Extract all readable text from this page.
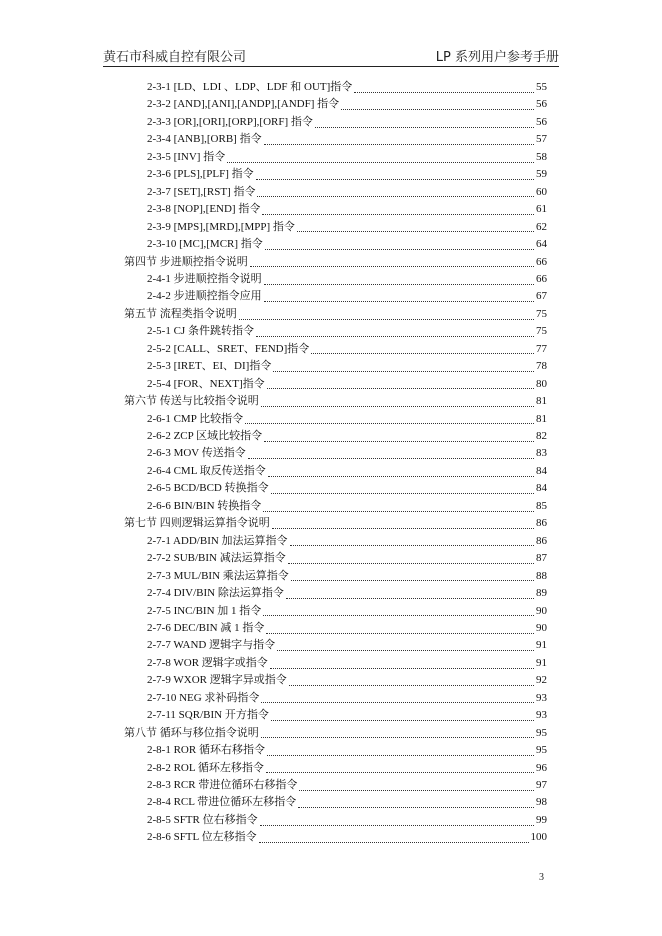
黄石市科威自控有限公司	LP 系列用户参考手册
2-3-1 [LD、LDI 、LDP、LDF 和 OUT]指令	55
2-3-2 [AND],[ANI],[ANDP],[ANDF] 指令	56
2-3-3 [OR],[ORI],[ORP],[ORF] 指令	56
2-3-4 [ANB],[ORB] 指令	57
2-3-5 [INV] 指令	58
2-3-6 [PLS],[PLF] 指令	59
2-3-7 [SET],[RST] 指令	60
2-3-8 [NOP],[END] 指令	61
2-3-9 [MPS],[MRD],[MPP] 指令	62
2-3-10 [MC],[MCR] 指令	64
第四节 步进顺控指令说明	66
2-4-1 步进顺控指令说明	66
2-4-2 步进顺控指令应用	67
第五节 流程类指令说明	75
2-5-1 CJ 条件跳转指令	75
2-5-2 [CALL、SRET、FEND]指令	77
2-5-3 [IRET、EI、DI]指令	78
2-5-4 [FOR、NEXT]指令	80
第六节 传送与比较指令说明	81
2-6-1 CMP 比较指令	81
2-6-2 ZCP 区域比较指令	82
2-6-3 MOV 传送指令	83
2-6-4 CML 取反传送指令	84
2-6-5 BCD/BCD 转换指令	84
2-6-6 BIN/BIN 转换指令	85
第七节 四则逻辑运算指令说明	86
2-7-1 ADD/BIN 加法运算指令	86
2-7-2 SUB/BIN 减法运算指令	87
2-7-3 MUL/BIN 乘法运算指令	88
2-7-4 DIV/BIN 除法运算指令	89
2-7-5 INC/BIN 加 1 指令	90
2-7-6 DEC/BIN 减 1 指令	90
2-7-7 WAND 逻辑字与指令	91
2-7-8 WOR 逻辑字或指令	91
2-7-9 WXOR 逻辑字异或指令	92
2-7-10 NEG 求补码指令	93
2-7-11 SQR/BIN 开方指令	93
第八节 循环与移位指令说明	95
2-8-1 ROR 循环右移指令	95
2-8-2 ROL 循环左移指令	96
2-8-3 RCR 带进位循环右移指令	97
2-8-4 RCL 带进位循环左移指令	98
2-8-5 SFTR 位右移指令	99
2-8-6 SFTL 位左移指令	100
3
